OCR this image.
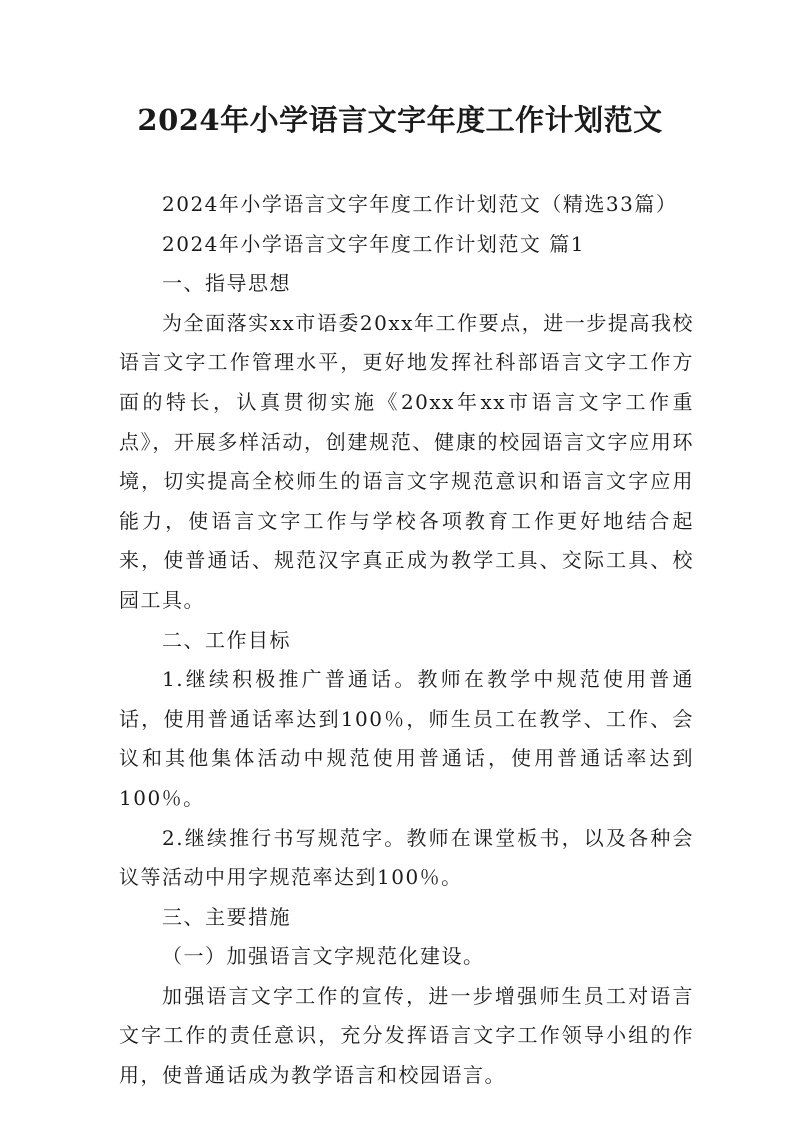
2024年小学语言文字年度工作计划范文

2024年小学语言文字年度工作计划范文（精选33篇）

2024年小学语言文字年度工作计划范文 篇1

一、指导思想

为全面落实xx市语委20xx年工作要点，进一步提高我校语言文字工作管理水平，更好地发挥社科部语言文字工作方面的特长，认真贯彻实施《20xx年xx市语言文字工作重点》，开展多样活动，创建规范、健康的校园语言文字应用环境，切实提高全校师生的语言文字规范意识和语言文字应用能力，使语言文字工作与学校各项教育工作更好地结合起来，使普通话、规范汉字真正成为教学工具、交际工具、校园工具。

二、工作目标

1.继续积极推广普通话。教师在教学中规范使用普通话，使用普通话率达到100％，师生员工在教学、工作、会议和其他集体活动中规范使用普通话，使用普通话率达到100％。

2.继续推行书写规范字。教师在课堂板书，以及各种会议等活动中用字规范率达到100％。

三、主要措施

（一）加强语言文字规范化建设。

加强语言文字工作的宣传，进一步增强师生员工对语言文字工作的责任意识，充分发挥语言文字工作领导小组的作用，使普通话成为教学语言和校园语言。
